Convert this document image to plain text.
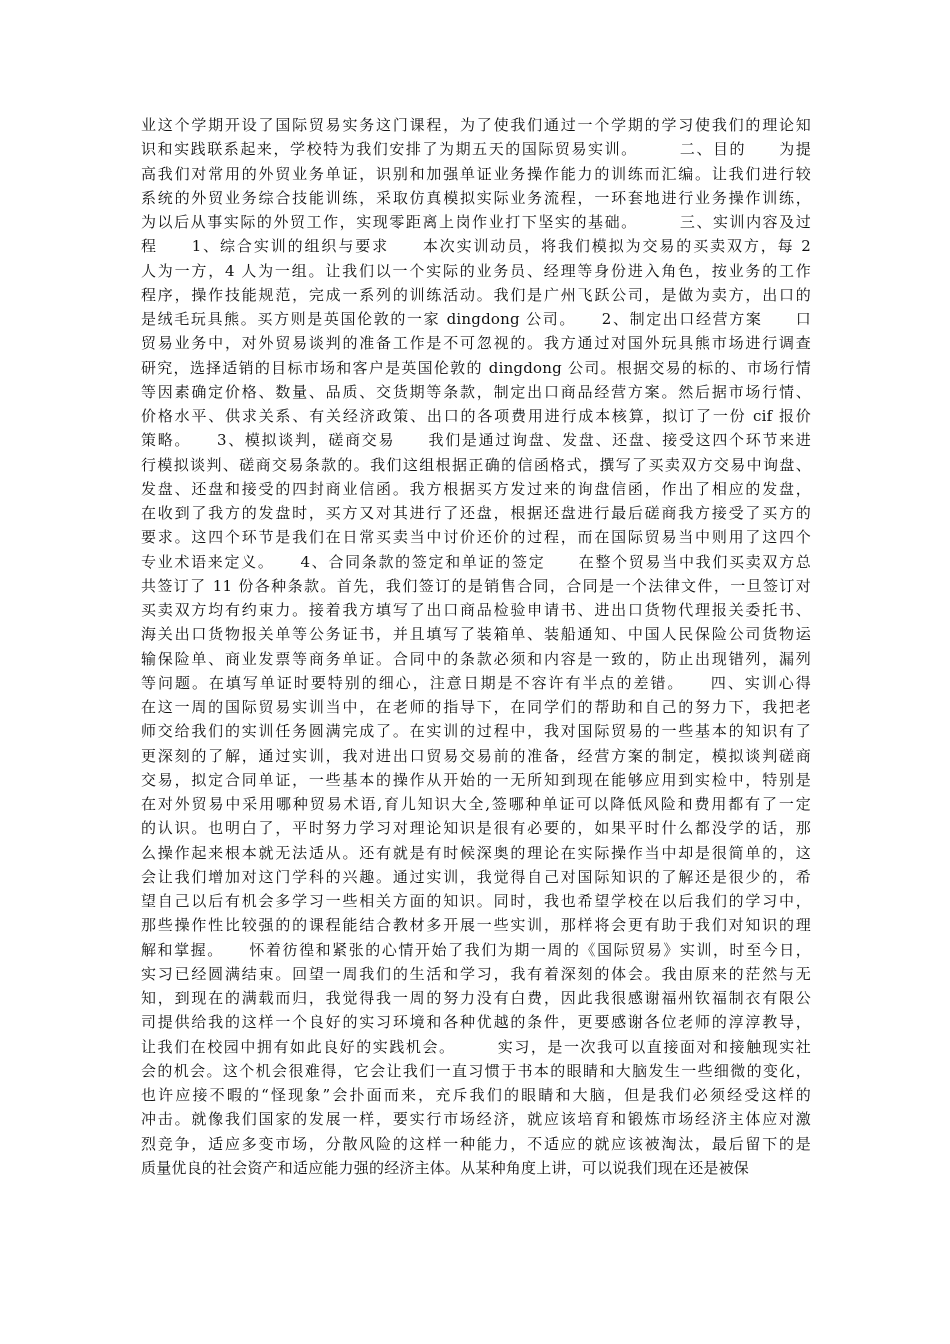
业这个学期开设了国际贸易实务这门课程，为了使我们通过一个学期的学习使我们的理论知
识和实践联系起来，学校特为我们安排了为期五天的国际贸易实训。　　　二、目的　　为提
高我们对常用的外贸业务单证，识别和加强单证业务操作能力的训练而汇编。让我们进行较
系统的外贸业务综合技能训练，采取仿真模拟实际业务流程，一环套地进行业务操作训练，
为以后从事实际的外贸工作，实现零距离上岗作业打下坚实的基础。　　　三、实训内容及过
程　　1、综合实训的组织与要求　　本次实训动员，将我们模拟为交易的买卖双方，每 2
人为一方，4 人为一组。让我们以一个实际的业务员、经理等身份进入角色，按业务的工作
程序，操作技能规范，完成一系列的训练活动。我们是广州飞跃公司，是做为卖方，出口的
是绒毛玩具熊。买方则是英国伦敦的一家 dingdong 公司。　　2、制定出口经营方案　　口
贸易业务中，对外贸易谈判的准备工作是不可忽视的。我方通过对国外玩具熊市场进行调查
研究，选择适销的目标市场和客户是英国伦敦的 dingdong 公司。根据交易的标的、市场行情
等因素确定价格、数量、品质、交货期等条款，制定出口商品经营方案。然后据市场行情、
价格水平、供求关系、有关经济政策、出口的各项费用进行成本核算，拟订了一份 cif 报价
策略。　　3、模拟谈判，磋商交易　　我们是通过询盘、发盘、还盘、接受这四个环节来进
行模拟谈判、磋商交易条款的。我们这组根据正确的信函格式，撰写了买卖双方交易中询盘、
发盘、还盘和接受的四封商业信函。我方根据买方发过来的询盘信函，作出了相应的发盘，
在收到了我方的发盘时，买方又对其进行了还盘，根据还盘进行最后磋商我方接受了买方的
要求。这四个环节是我们在日常买卖当中讨价还价的过程，而在国际贸易当中则用了这四个
专业术语来定义。　　4、合同条款的签定和单证的签定　　在整个贸易当中我们买卖双方总
共签订了 11 份各种条款。首先，我们签订的是销售合同，合同是一个法律文件，一旦签订对
买卖双方均有约束力。接着我方填写了出口商品检验申请书、进出口货物代理报关委托书、
海关出口货物报关单等公务证书，并且填写了装箱单、装船通知、中国人民保险公司货物运
输保险单、商业发票等商务单证。合同中的条款必须和内容是一致的，防止出现错列，漏列
等问题。在填写单证时要特别的细心，注意日期是不容许有半点的差错。　　四、实训心得
在这一周的国际贸易实训当中，在老师的指导下，在同学们的帮助和自己的努力下，我把老
师交给我们的实训任务圆满完成了。在实训的过程中，我对国际贸易的一些基本的知识有了
更深刻的了解，通过实训，我对进出口贸易交易前的准备，经营方案的制定，模拟谈判磋商
交易，拟定合同单证，一些基本的操作从开始的一无所知到现在能够应用到实检中，特别是
在对外贸易中采用哪种贸易术语,育儿知识大全,签哪种单证可以降低风险和费用都有了一定
的认识。也明白了，平时努力学习对理论知识是很有必要的，如果平时什么都没学的话，那
么操作起来根本就无法适从。还有就是有时候深奥的理论在实际操作当中却是很简单的，这
会让我们增加对这门学科的兴趣。通过实训，我觉得自己对国际知识的了解还是很少的，希
望自己以后有机会多学习一些相关方面的知识。同时，我也希望学校在以后我们的学习中，
那些操作性比较强的的课程能结合教材多开展一些实训，那样将会更有助于我们对知识的理
解和掌握。　　怀着彷徨和紧张的心情开始了我们为期一周的《国际贸易》实训，时至今日，
实习已经圆满结束。回望一周我们的生活和学习，我有着深刻的体会。我由原来的茫然与无
知，到现在的满载而归，我觉得我一周的努力没有白费，因此我很感谢福州钦福制衣有限公
司提供给我的这样一个良好的实习环境和各种优越的条件，更要感谢各位老师的淳淳教导，
让我们在校园中拥有如此良好的实践机会。　　　实习，是一次我可以直接面对和接触现实社
会的机会。这个机会很难得，它会让我们一直习惯于书本的眼睛和大脑发生一些细微的变化，
也许应接不暇的“怪现象”会扑面而来，充斥我们的眼睛和大脑，但是我们必须经受这样的
冲击。就像我们国家的发展一样，要实行市场经济，就应该培育和锻炼市场经济主体应对激
烈竞争，适应多变市场，分散风险的这样一种能力，不适应的就应该被淘汰，最后留下的是
质量优良的社会资产和适应能力强的经济主体。从某种角度上讲，可以说我们现在还是被保
